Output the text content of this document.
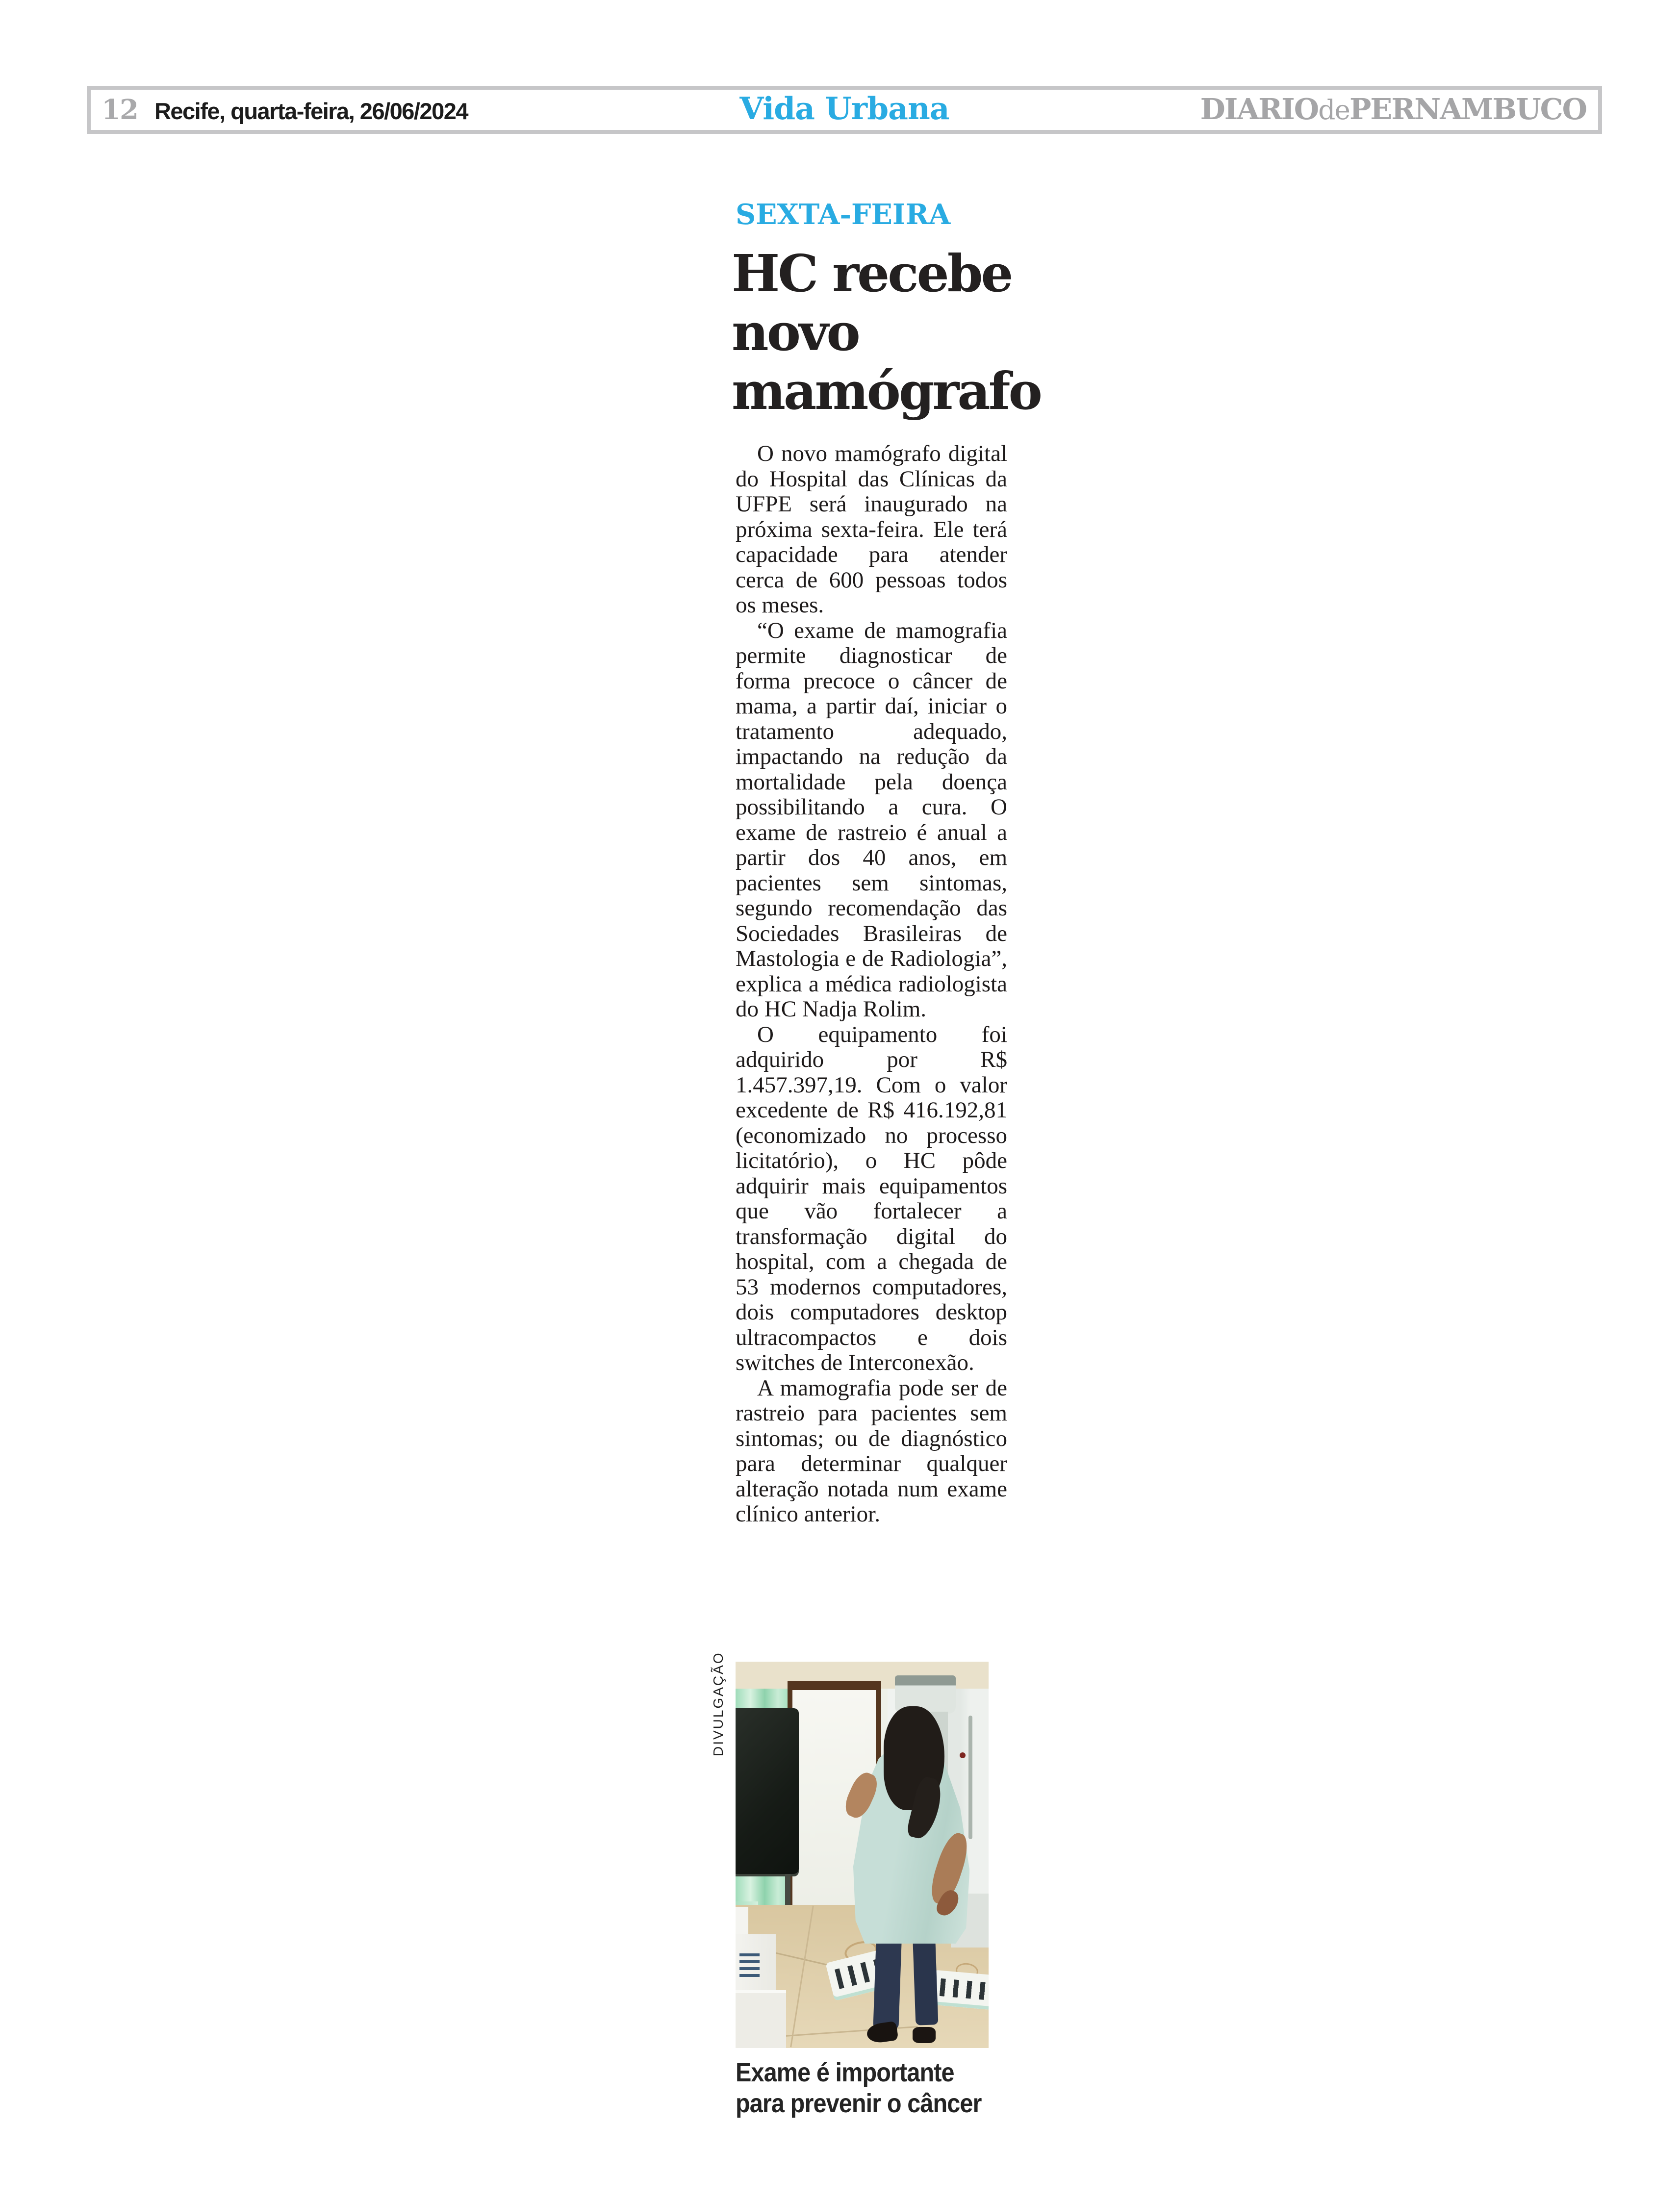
12 Recife, quarta-feira, 26/06/2024	Vida Urbana	DIARIOdePERNAMBUCO
SEXTA-FEIRA
HC recebe
novo
mamógrafo

O novo mamógrafo digital do Hospital das Clínicas da UFPE será inaugurado na próxima sexta-feira. Ele terá capacidade para atender cerca de 600 pessoas todos os meses.

“O exame de mamografia permite diagnosticar de forma precoce o câncer de mama, a partir daí, iniciar o tratamento adequado, impactando na redução da mortalidade pela doença possibilitando a cura. O exame de rastreio é anual a partir dos 40 anos, em pacientes sem sintomas, segundo recomendação das Sociedades Brasileiras de Mastologia e de Radiologia”, explica a médica radiologista do HC Nadja Rolim.

O equipamento foi adquirido por R$ 1.457.397,19. Com o valor excedente de R$ 416.192,81 (economizado no processo licitatório), o HC pôde adquirir mais equipamentos que vão fortalecer a transformação digital do hospital, com a chegada de 53 modernos computadores, dois computadores desktop ultracompactos e dois switches de Interconexão.

A mamografia pode ser de rastreio para pacientes sem sintomas; ou de diagnóstico para determinar qualquer alteração notada num exame clínico anterior.

DIVULGAÇÃO
Exame é importante
para prevenir o câncer
